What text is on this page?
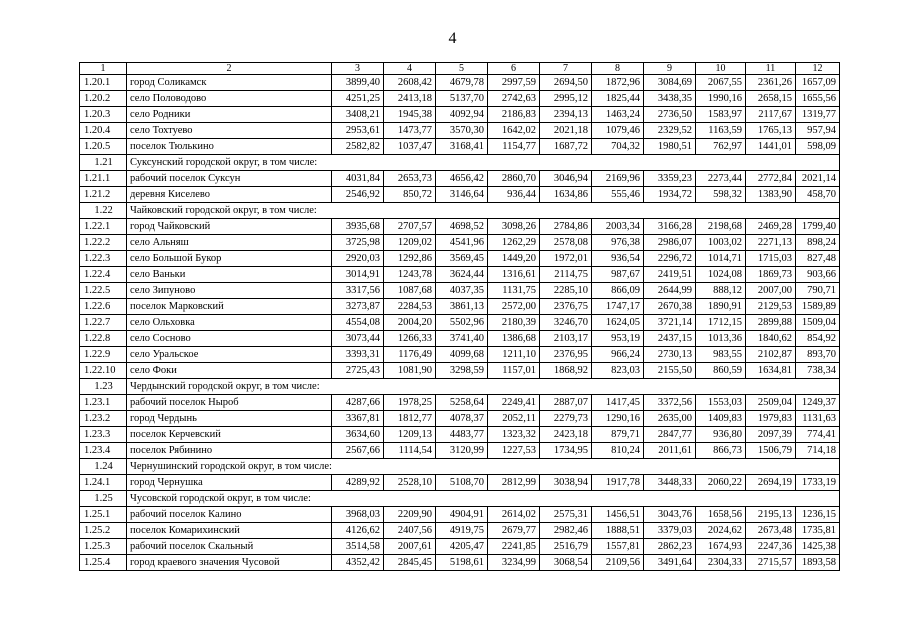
4
1	2	3	4	5	6	7	8	9	10	11	12
1.20.1	город Соликамск	3899,40	2608,42	4679,78	2997,59	2694,50	1872,96	3084,69	2067,55	2361,26	1657,09
1.20.2	село Половодово	4251,25	2413,18	5137,70	2742,63	2995,12	1825,44	3438,35	1990,16	2658,15	1655,56
1.20.3	село Родники	3408,21	1945,38	4092,94	2186,83	2394,13	1463,24	2736,50	1583,97	2117,67	1319,77
1.20.4	село Тохтуево	2953,61	1473,77	3570,30	1642,02	2021,18	1079,46	2329,52	1163,59	1765,13	957,94
1.20.5	поселок Тюлькино	2582,82	1037,47	3168,41	1154,77	1687,72	704,32	1980,51	762,97	1441,01	598,09
1.21	Суксунский городской округ, в том числе:										
1.21.1	рабочий поселок Суксун	4031,84	2653,73	4656,42	2860,70	3046,94	2169,96	3359,23	2273,44	2772,84	2021,14
1.21.2	деревня Киселево	2546,92	850,72	3146,64	936,44	1634,86	555,46	1934,72	598,32	1383,90	458,70
1.22	Чайковский городской округ, в том числе:										
1.22.1	город Чайковский	3935,68	2707,57	4698,52	3098,26	2784,86	2003,34	3166,28	2198,68	2469,28	1799,40
1.22.2	село Альняш	3725,98	1209,02	4541,96	1262,29	2578,08	976,38	2986,07	1003,02	2271,13	898,24
1.22.3	село Большой Букор	2920,03	1292,86	3569,45	1449,20	1972,01	936,54	2296,72	1014,71	1715,03	827,48
1.22.4	село Ваньки	3014,91	1243,78	3624,44	1316,61	2114,75	987,67	2419,51	1024,08	1869,73	903,66
1.22.5	село Зипуново	3317,56	1087,68	4037,35	1131,75	2285,10	866,09	2644,99	888,12	2007,00	790,71
1.22.6	поселок Марковский	3273,87	2284,53	3861,13	2572,00	2376,75	1747,17	2670,38	1890,91	2129,53	1589,89
1.22.7	село Ольховка	4554,08	2004,20	5502,96	2180,39	3246,70	1624,05	3721,14	1712,15	2899,88	1509,04
1.22.8	село Сосново	3073,44	1266,33	3741,40	1386,68	2103,17	953,19	2437,15	1013,36	1840,62	854,92
1.22.9	село Уральское	3393,31	1176,49	4099,68	1211,10	2376,95	966,24	2730,13	983,55	2102,87	893,70
1.22.10	село Фоки	2725,43	1081,90	3298,59	1157,01	1868,92	823,03	2155,50	860,59	1634,81	738,34
1.23	Чердынский городской округ, в том числе:										
1.23.1	рабочий поселок Ныроб	4287,66	1978,25	5258,64	2249,41	2887,07	1417,45	3372,56	1553,03	2509,04	1249,37
1.23.2	город Чердынь	3367,81	1812,77	4078,37	2052,11	2279,73	1290,16	2635,00	1409,83	1979,83	1131,63
1.23.3	поселок Керчевский	3634,60	1209,13	4483,77	1323,32	2423,18	879,71	2847,77	936,80	2097,39	774,41
1.23.4	поселок Рябинино	2567,66	1114,54	3120,99	1227,53	1734,95	810,24	2011,61	866,73	1506,79	714,18
1.24	Чернушинский городской округ, в том числе:										
1.24.1	город Чернушка	4289,92	2528,10	5108,70	2812,99	3038,94	1917,78	3448,33	2060,22	2694,19	1733,19
1.25	Чусовской городской округ, в том числе:										
1.25.1	рабочий поселок Калино	3968,03	2209,90	4904,91	2614,02	2575,31	1456,51	3043,76	1658,56	2195,13	1236,15
1.25.2	поселок Комарихинский	4126,62	2407,56	4919,75	2679,77	2982,46	1888,51	3379,03	2024,62	2673,48	1735,81
1.25.3	рабочий поселок Скальный	3514,58	2007,61	4205,47	2241,85	2516,79	1557,81	2862,23	1674,93	2247,36	1425,38
1.25.4	город краевого значения Чусовой	4352,42	2845,45	5198,61	3234,99	3068,54	2109,56	3491,64	2304,33	2715,57	1893,58
